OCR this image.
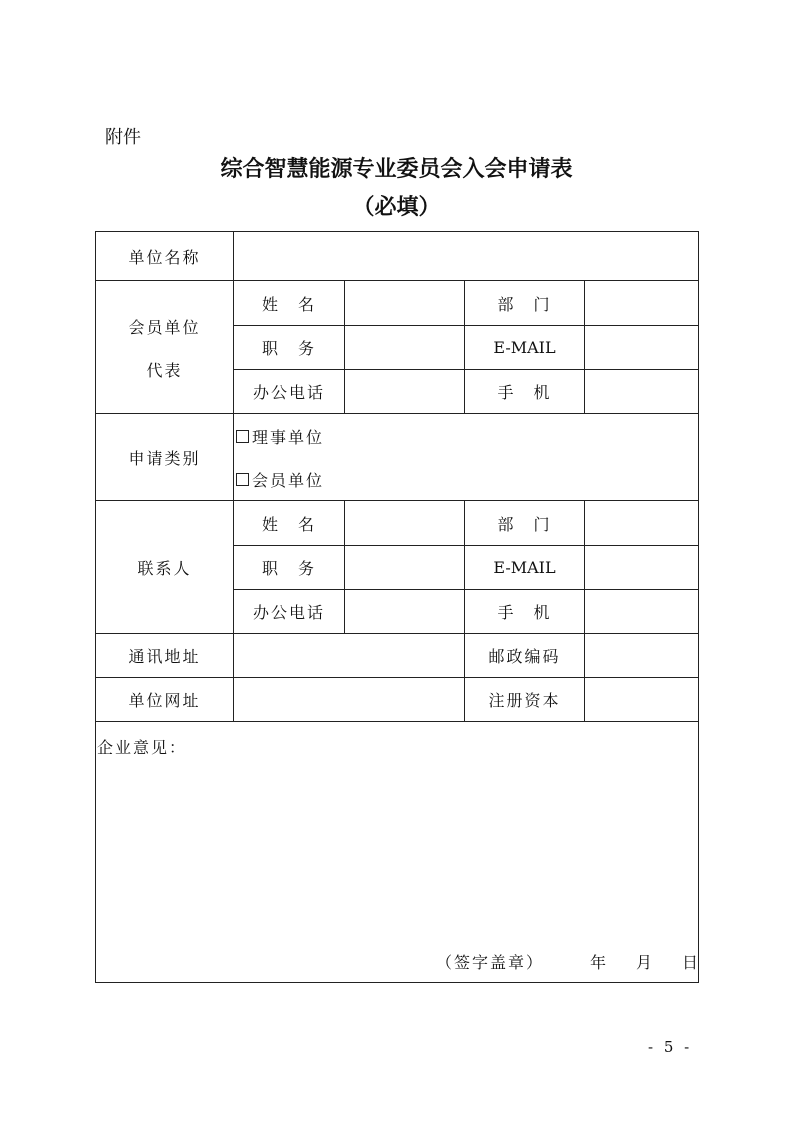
附件
综合智慧能源专业委员会入会申请表
（必填）
单位名称
会员单位
代表
姓　名	部　门
职　务	E-MAIL
办公电话	手　机
申请类别
理事单位
会员单位
联系人
姓　名	部　门
职　务	E-MAIL
办公电话	手　机
通讯地址	邮政编码
单位网址	注册资本
企业意见：
（签字盖章）	年 月 日
- 5 -
